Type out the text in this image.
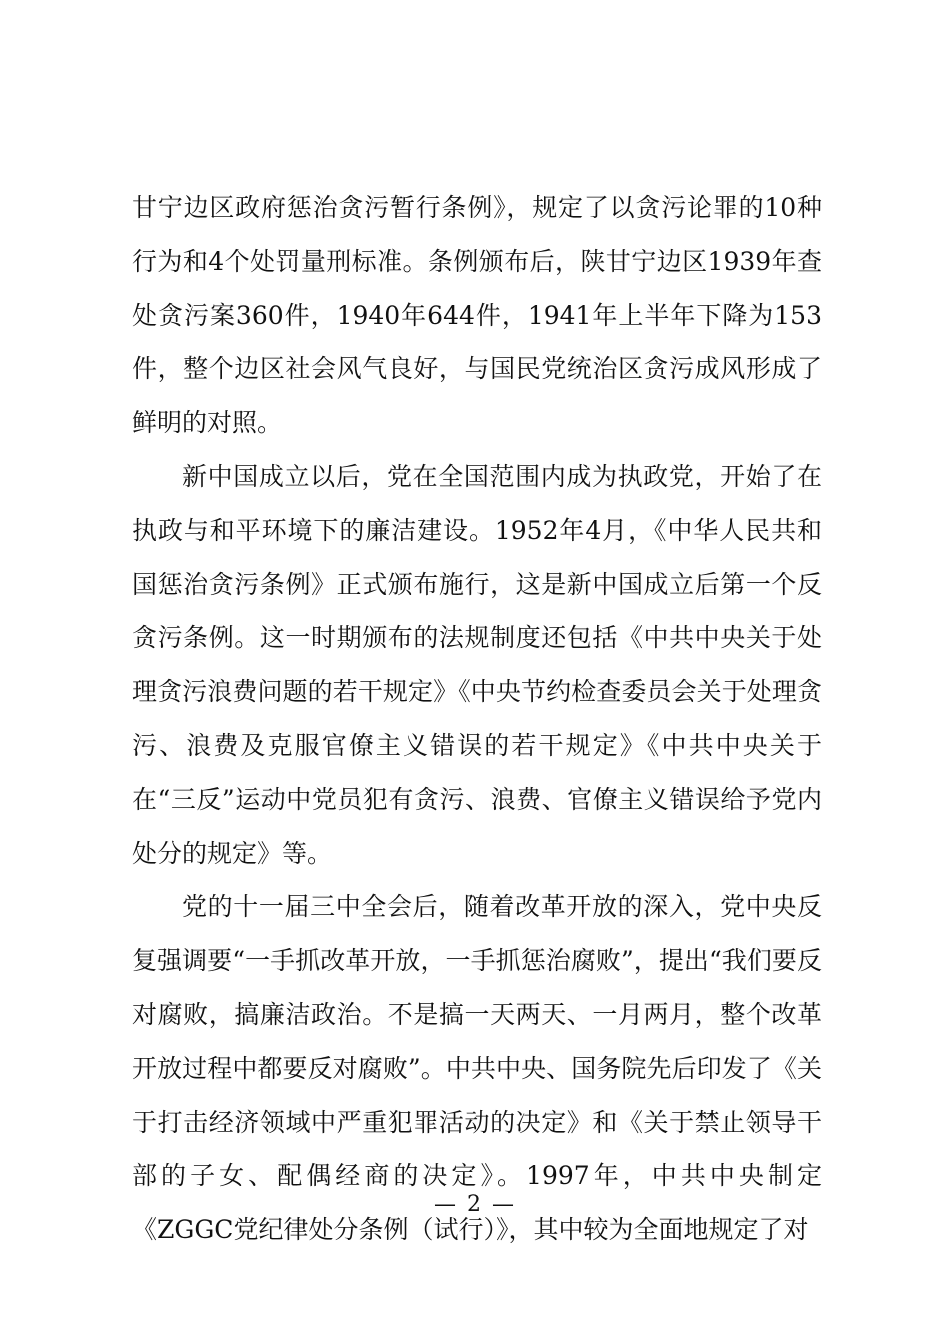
甘宁边区政府惩治贪污暂行条例》，规定了以贪污论罪的10种行为和4个处罚量刑标准。条例颁布后，陕甘宁边区1939年查处贪污案360件，1940年644件，1941年上半年下降为153件，整个边区社会风气良好，与国民党统治区贪污成风形成了鲜明的对照。

新中国成立以后，党在全国范围内成为执政党，开始了在执政与和平环境下的廉洁建设。1952年4月，《中华人民共和国惩治贪污条例》正式颁布施行，这是新中国成立后第一个反贪污条例。这一时期颁布的法规制度还包括《中共中央关于处理贪污浪费问题的若干规定》《中央节约检查委员会关于处理贪污、浪费及克服官僚主义错误的若干规定》《中共中央关于在“三反”运动中党员犯有贪污、浪费、官僚主义错误给予党内处分的规定》等。

党的十一届三中全会后，随着改革开放的深入，党中央反复强调要“一手抓改革开放，一手抓惩治腐败”，提出“我们要反对腐败，搞廉洁政治。不是搞一天两天、一月两月，整个改革开放过程中都要反对腐败”。中共中央、国务院先后印发了《关于打击经济领域中严重犯罪活动的决定》和《关于禁止领导干部的子女、配偶经商的决定》。1997年，中共中央制定《ZGGC党纪律处分条例（试行）》，其中较为全面地规定了对

— 2 —
